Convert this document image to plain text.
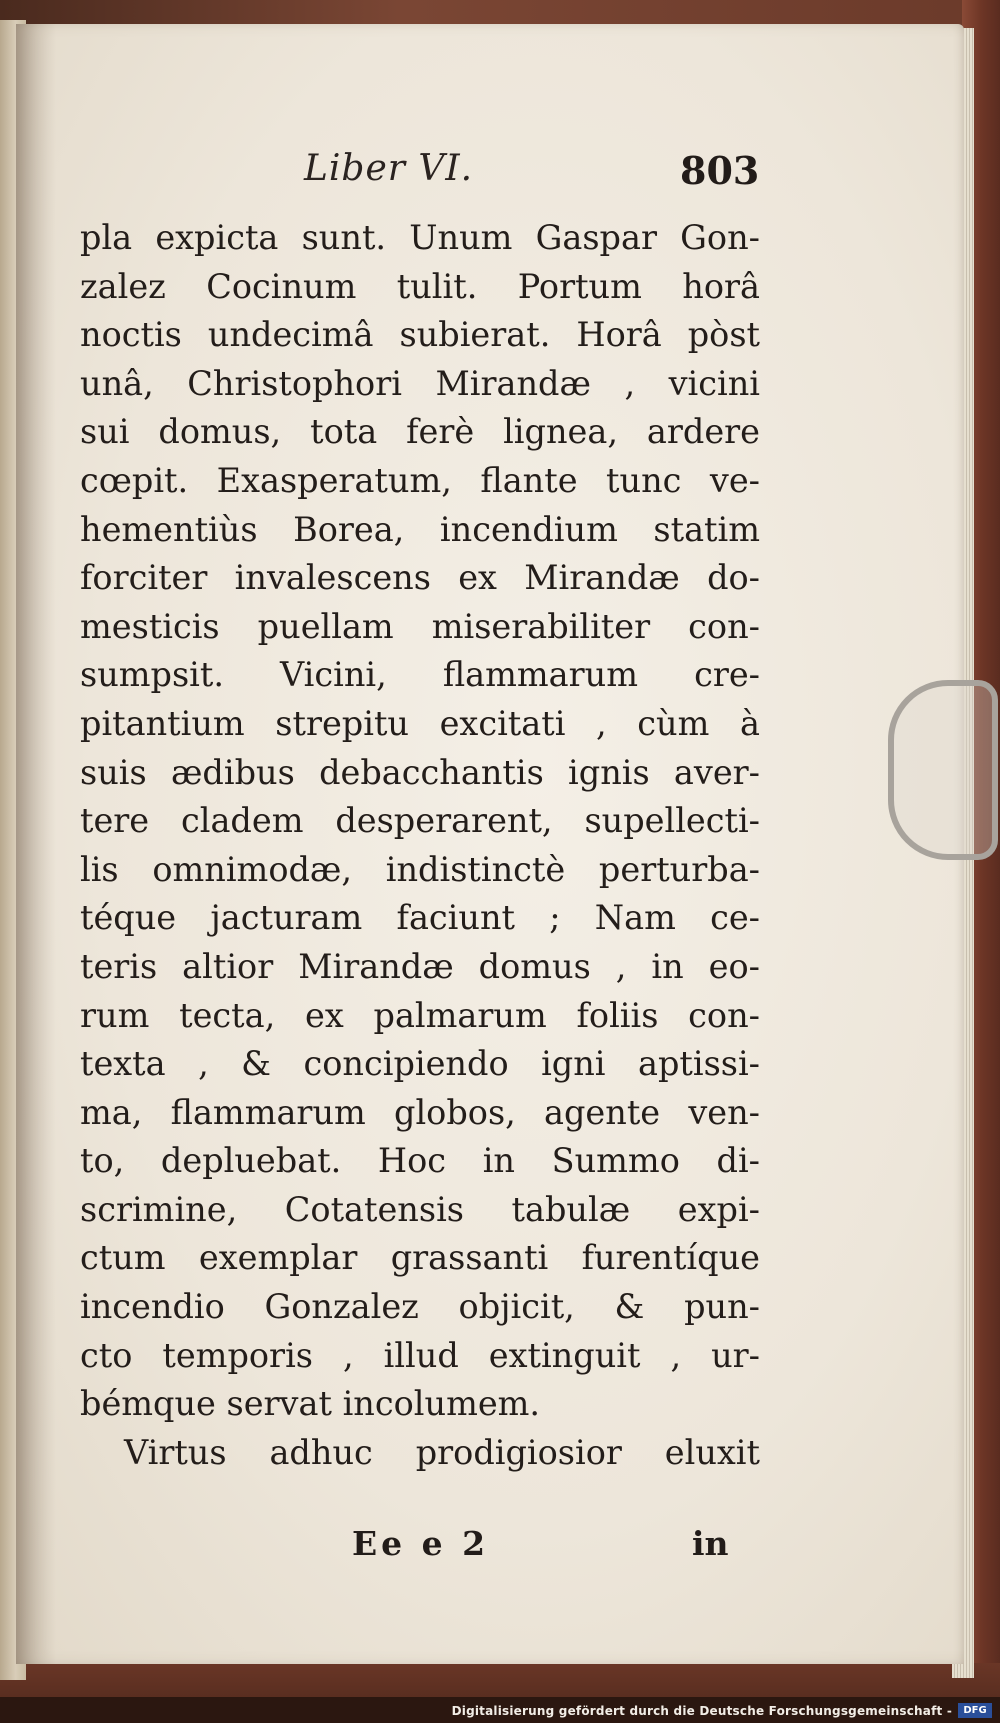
Liber VI.	803
pla expicta sunt. Unum Gaspar Gon-
zalez Cocinum tulit. Portum horâ
noctis undecimâ subierat. Horâ pòst
unâ, Christophori Mirandæ , vicini
sui domus, tota ferè lignea, ardere
cœpit. Exasperatum, flante tunc ve-
hementiùs Borea, incendium statim
forciter invalescens ex Mirandæ do-
mesticis puellam miserabiliter con-
sumpsit. Vicini, flammarum cre-
pitantium strepitu excitati , cùm à
suis ædibus debacchantis ignis aver-
tere cladem desperarent, supellecti-
lis omnimodæ, indistinctè perturba-
téque jacturam faciunt ; Nam ce-
teris altior Mirandæ domus , in eo-
rum tecta, ex palmarum foliis con-
texta , & concipiendo igni aptissi-
ma, flammarum globos, agente ven-
to, depluebat. Hoc in Summo di-
scrimine, Cotatensis tabulæ expi-
ctum exemplar grassanti furentíque
incendio Gonzalez objicit, & pun-
cto temporis , illud extinguit , ur-
bémque servat incolumem.
Virtus adhuc prodigiosior eluxit
Ee e 2	in
Digitalisierung gefördert durch die Deutsche Forschungsgemeinschaft -	DFG
